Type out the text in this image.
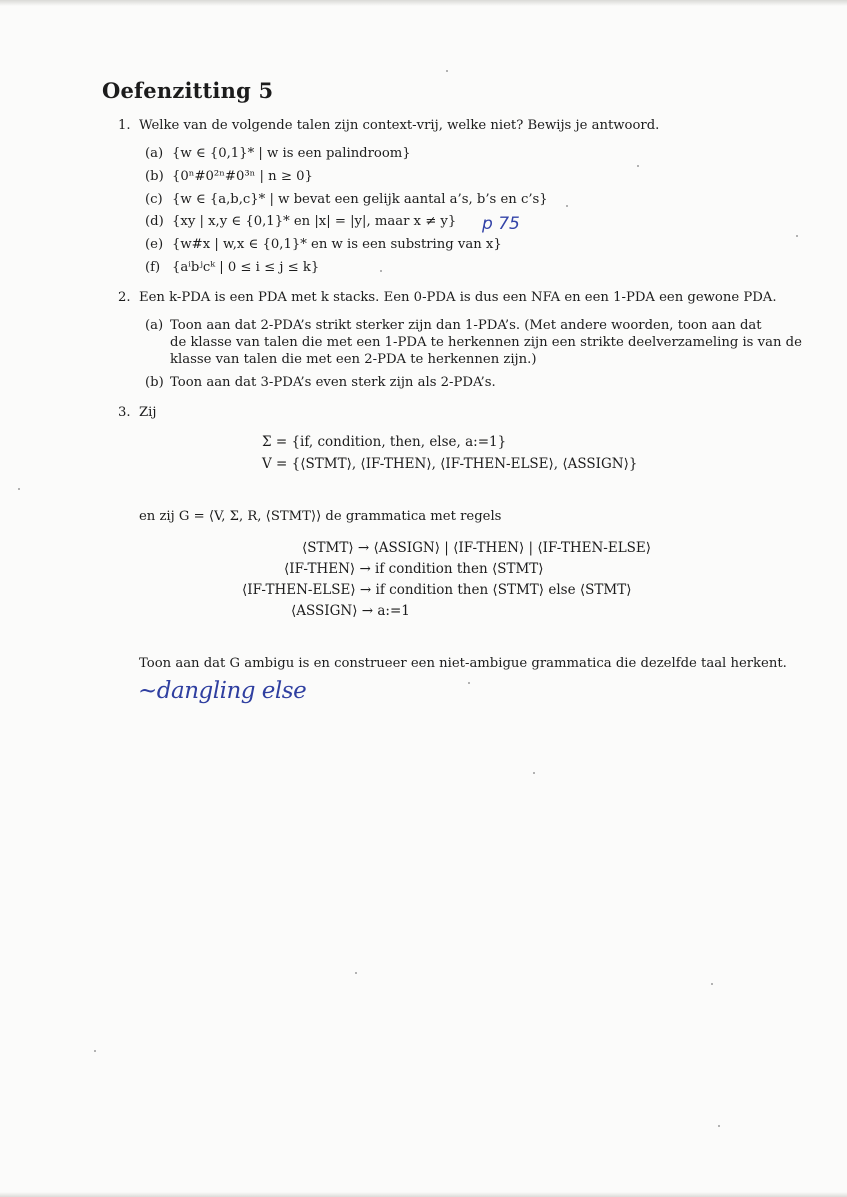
Oefenzitting 5
1. Welke van de volgende talen zijn context-vrij, welke niet? Bewijs je antwoord.
(a) {w ∈ {0,1}* | w is een palindroom}
(b) {0ⁿ#0²ⁿ#0³ⁿ | n ≥ 0}
(c) {w ∈ {a,b,c}* | w bevat een gelijk aantal a’s, b’s en c’s}
(d) {xy | x,y ∈ {0,1}* en |x| = |y|, maar x ≠ y} p 75
(e) {w#x | w,x ∈ {0,1}* en w is een substring van x}
(f) {aⁱbʲcᵏ | 0 ≤ i ≤ j ≤ k}
2. Een k-PDA is een PDA met k stacks. Een 0-PDA is dus een NFA en een 1-PDA een gewone PDA.
(a) Toon aan dat 2-PDA’s strikt sterker zijn dan 1-PDA’s. (Met andere woorden, toon aan dat
de klasse van talen die met een 1-PDA te herkennen zijn een strikte deelverzameling is van de
klasse van talen die met een 2-PDA te herkennen zijn.)
(b) Toon aan dat 3-PDA’s even sterk zijn als 2-PDA’s.
3. Zij
Σ = {if, condition, then, else, a:=1}
V = {⟨STMT⟩, ⟨IF-THEN⟩, ⟨IF-THEN-ELSE⟩, ⟨ASSIGN⟩}
en zij G = ⟨V, Σ, R, ⟨STMT⟩⟩ de grammatica met regels
⟨STMT⟩ → ⟨ASSIGN⟩ | ⟨IF-THEN⟩ | ⟨IF-THEN-ELSE⟩
⟨IF-THEN⟩ → if condition then ⟨STMT⟩
⟨IF-THEN-ELSE⟩ → if condition then ⟨STMT⟩ else ⟨STMT⟩
⟨ASSIGN⟩ → a:=1
Toon aan dat G ambigu is en construeer een niet-ambigue grammatica die dezelfde taal herkent.
~dangling else
